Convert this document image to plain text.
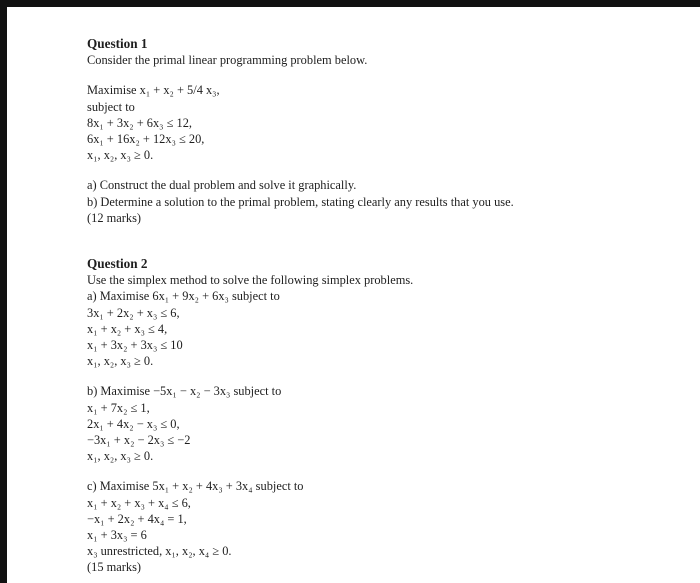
Question 1
Consider the primal linear programming problem below.
Maximise x₁ + x₂ + 5/4 x₃,
subject to
8x₁ + 3x₂ + 6x₃ ≤ 12,
6x₁ + 16x₂ + 12x₃ ≤ 20,
x₁, x₂, x₃ ≥ 0.
a) Construct the dual problem and solve it graphically.
b) Determine a solution to the primal problem, stating clearly any results that you use.
(12 marks)
Question 2
Use the simplex method to solve the following simplex problems.
a) Maximise 6x₁ + 9x₂ + 6x₃ subject to
3x₁ + 2x₂ + x₃ ≤ 6,
x₁ + x₂ + x₃ ≤ 4,
x₁ + 3x₂ + 3x₃ ≤ 10
x₁, x₂, x₃ ≥ 0.
b) Maximise −5x₁ − x₂ − 3x₃ subject to
x₁ + 7x₂ ≤ 1,
2x₁ + 4x₂ − x₃ ≤ 0,
−3x₁ + x₂ − 2x₃ ≤ −2
x₁, x₂, x₃ ≥ 0.
c) Maximise 5x₁ + x₂ + 4x₃ + 3x₄ subject to
x₁ + x₂ + x₃ + x₄ ≤ 6,
−x₁ + 2x₂ + 4x₄ = 1,
x₁ + 3x₃ = 6
x₃ unrestricted, x₁, x₂, x₄ ≥ 0.
(15 marks)
